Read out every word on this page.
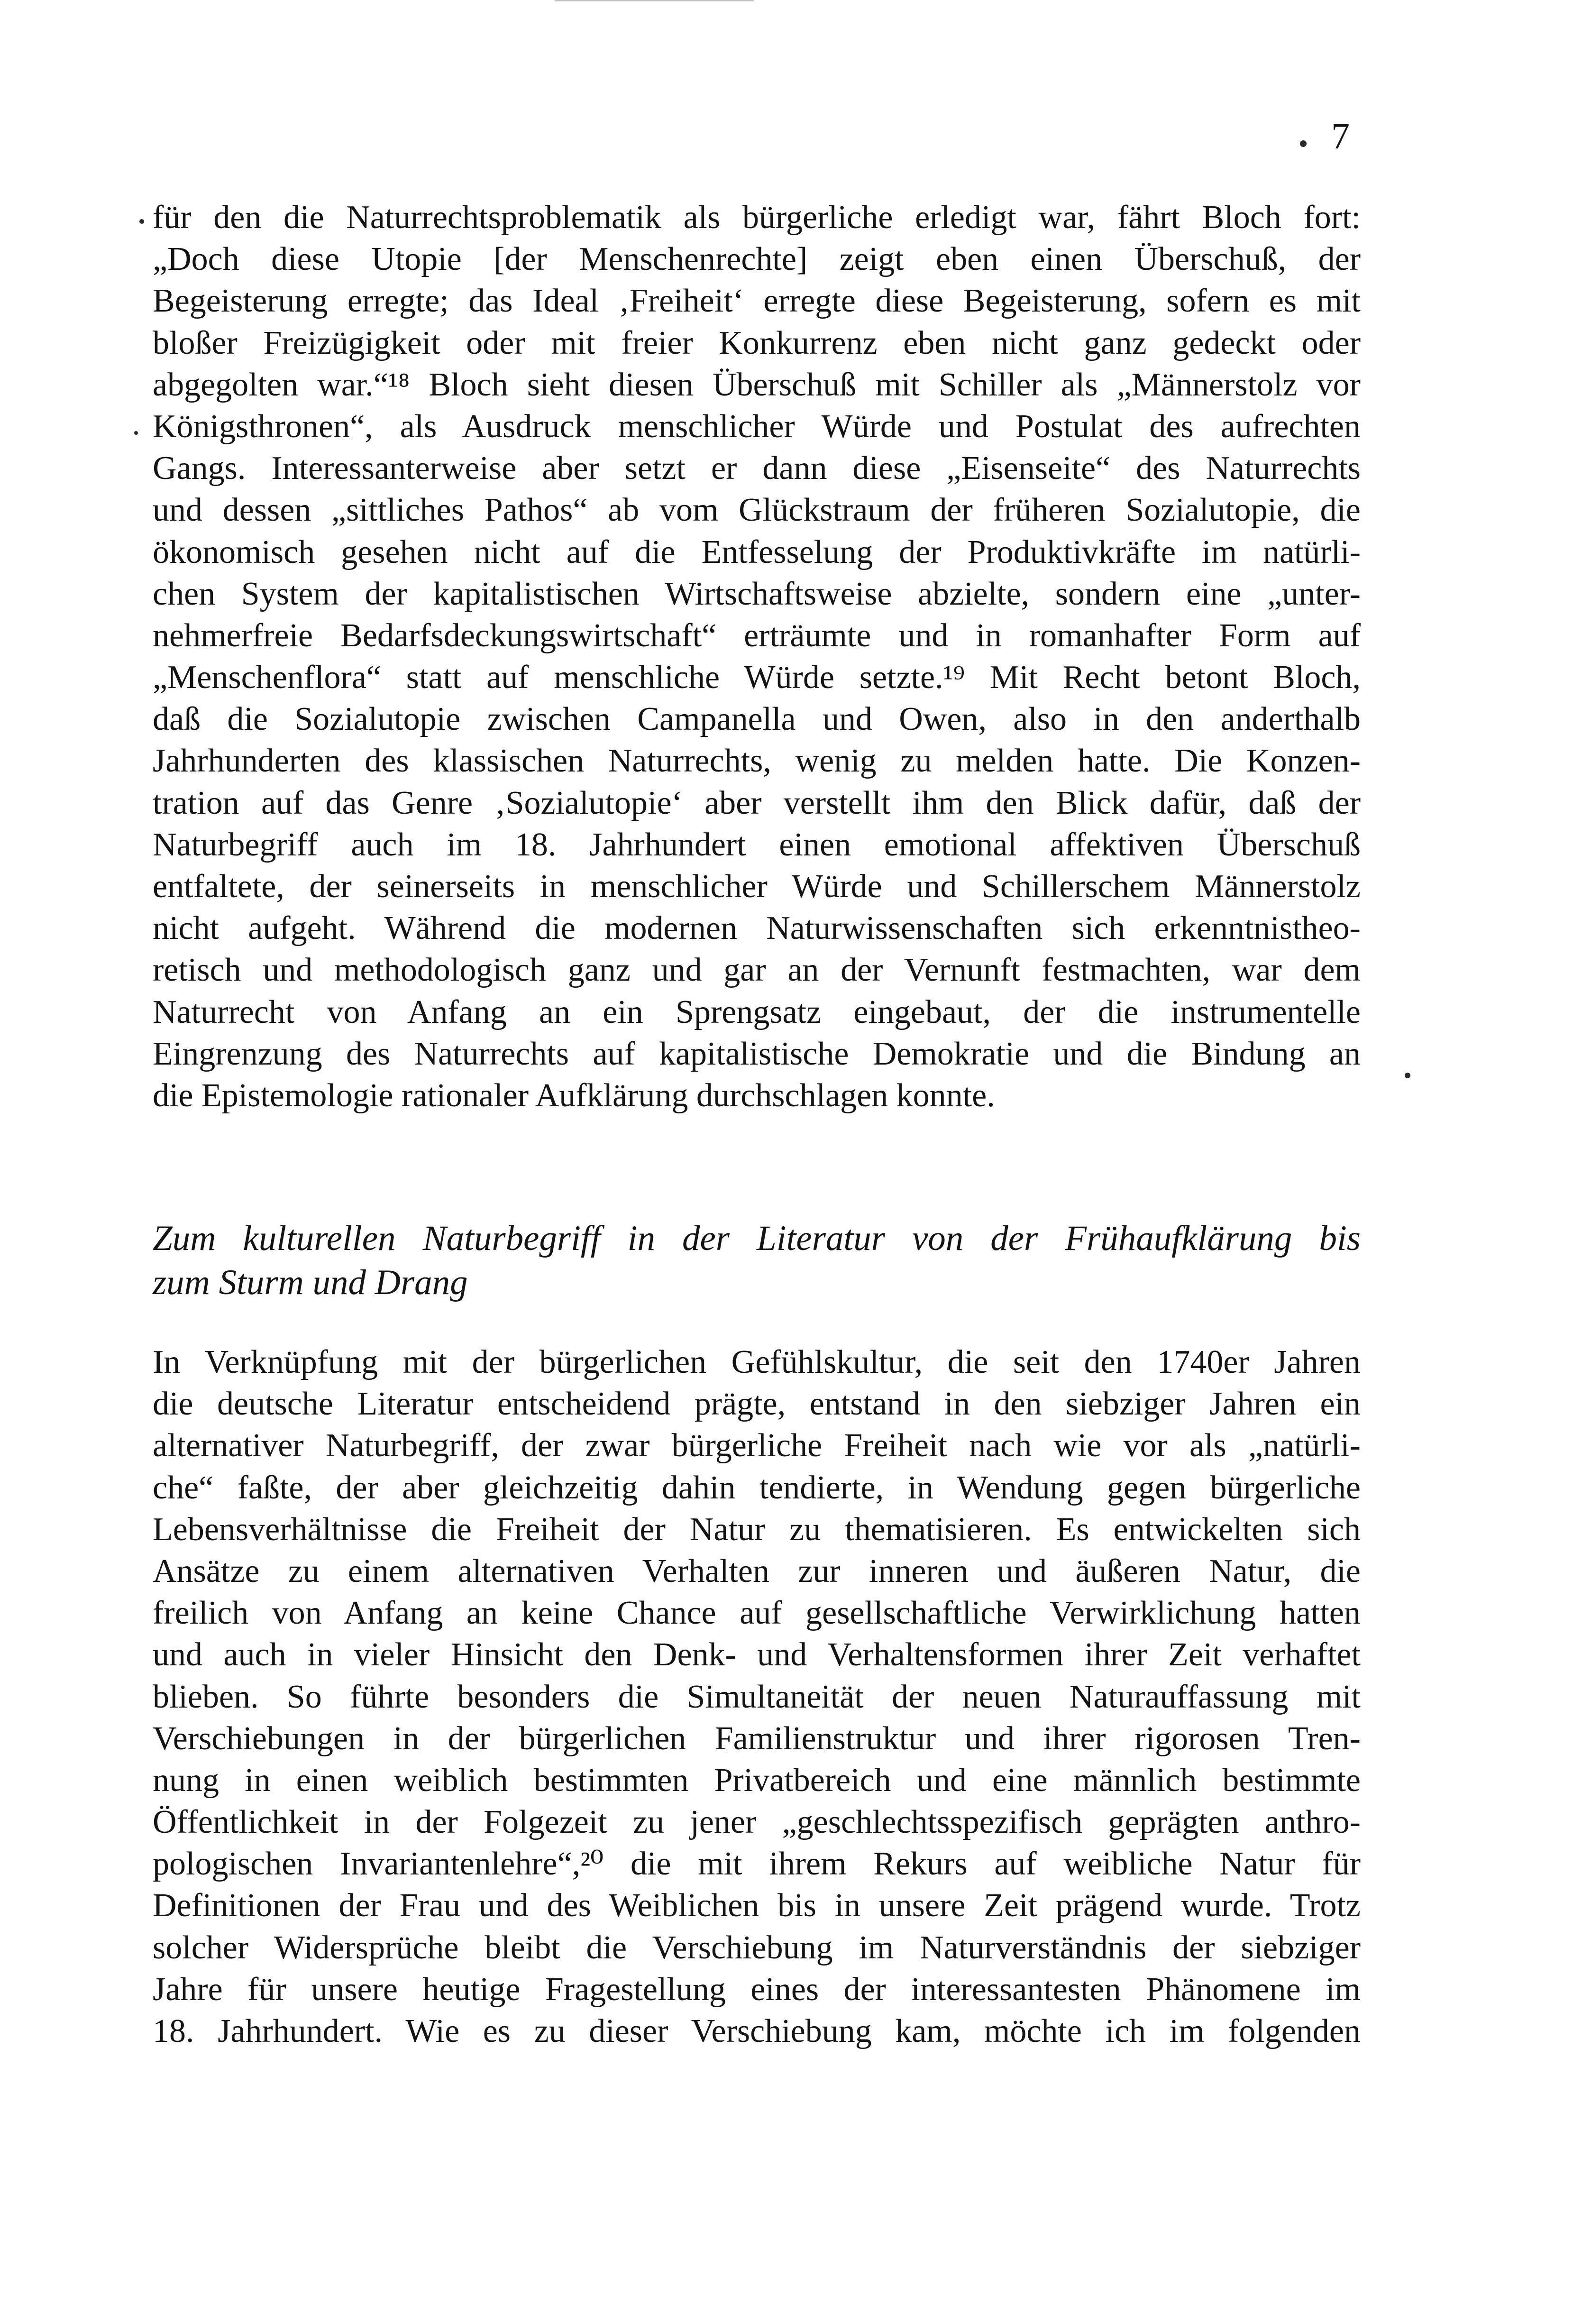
7
für den die Naturrechtsproblematik als bürgerliche erledigt war, fährt Bloch fort:
„Doch diese Utopie [der Menschenrechte] zeigt eben einen Überschuß, der
Begeisterung erregte; das Ideal ‚Freiheit‘ erregte diese Begeisterung, sofern es mit
bloßer Freizügigkeit oder mit freier Konkurrenz eben nicht ganz gedeckt oder
abgegolten war.“¹⁸ Bloch sieht diesen Überschuß mit Schiller als „Männerstolz vor
Königsthronen“, als Ausdruck menschlicher Würde und Postulat des aufrechten
Gangs. Interessanterweise aber setzt er dann diese „Eisenseite“ des Naturrechts
und dessen „sittliches Pathos“ ab vom Glückstraum der früheren Sozialutopie, die
ökonomisch gesehen nicht auf die Entfesselung der Produktivkräfte im natürli-
chen System der kapitalistischen Wirtschaftsweise abzielte, sondern eine „unter-
nehmerfreie Bedarfsdeckungswirtschaft“ erträumte und in romanhafter Form auf
„Menschenflora“ statt auf menschliche Würde setzte.¹⁹ Mit Recht betont Bloch,
daß die Sozialutopie zwischen Campanella und Owen, also in den anderthalb
Jahrhunderten des klassischen Naturrechts, wenig zu melden hatte. Die Konzen-
tration auf das Genre ‚Sozialutopie‘ aber verstellt ihm den Blick dafür, daß der
Naturbegriff auch im 18. Jahrhundert einen emotional affektiven Überschuß
entfaltete, der seinerseits in menschlicher Würde und Schillerschem Männerstolz
nicht aufgeht. Während die modernen Naturwissenschaften sich erkenntnistheo-
retisch und methodologisch ganz und gar an der Vernunft festmachten, war dem
Naturrecht von Anfang an ein Sprengsatz eingebaut, der die instrumentelle
Eingrenzung des Naturrechts auf kapitalistische Demokratie und die Bindung an
die Epistemologie rationaler Aufklärung durchschlagen konnte.
Zum kulturellen Naturbegriff in der Literatur von der Frühaufklärung bis
zum Sturm und Drang
In Verknüpfung mit der bürgerlichen Gefühlskultur, die seit den 1740er Jahren
die deutsche Literatur entscheidend prägte, entstand in den siebziger Jahren ein
alternativer Naturbegriff, der zwar bürgerliche Freiheit nach wie vor als „natürli-
che“ faßte, der aber gleichzeitig dahin tendierte, in Wendung gegen bürgerliche
Lebensverhältnisse die Freiheit der Natur zu thematisieren. Es entwickelten sich
Ansätze zu einem alternativen Verhalten zur inneren und äußeren Natur, die
freilich von Anfang an keine Chance auf gesellschaftliche Verwirklichung hatten
und auch in vieler Hinsicht den Denk- und Verhaltensformen ihrer Zeit verhaftet
blieben. So führte besonders die Simultaneität der neuen Naturauffassung mit
Verschiebungen in der bürgerlichen Familienstruktur und ihrer rigorosen Tren-
nung in einen weiblich bestimmten Privatbereich und eine männlich bestimmte
Öffentlichkeit in der Folgezeit zu jener „geschlechtsspezifisch geprägten anthro-
pologischen Invariantenlehre“,²⁰ die mit ihrem Rekurs auf weibliche Natur für
Definitionen der Frau und des Weiblichen bis in unsere Zeit prägend wurde. Trotz
solcher Widersprüche bleibt die Verschiebung im Naturverständnis der siebziger
Jahre für unsere heutige Fragestellung eines der interessantesten Phänomene im
18. Jahrhundert. Wie es zu dieser Verschiebung kam, möchte ich im folgenden
